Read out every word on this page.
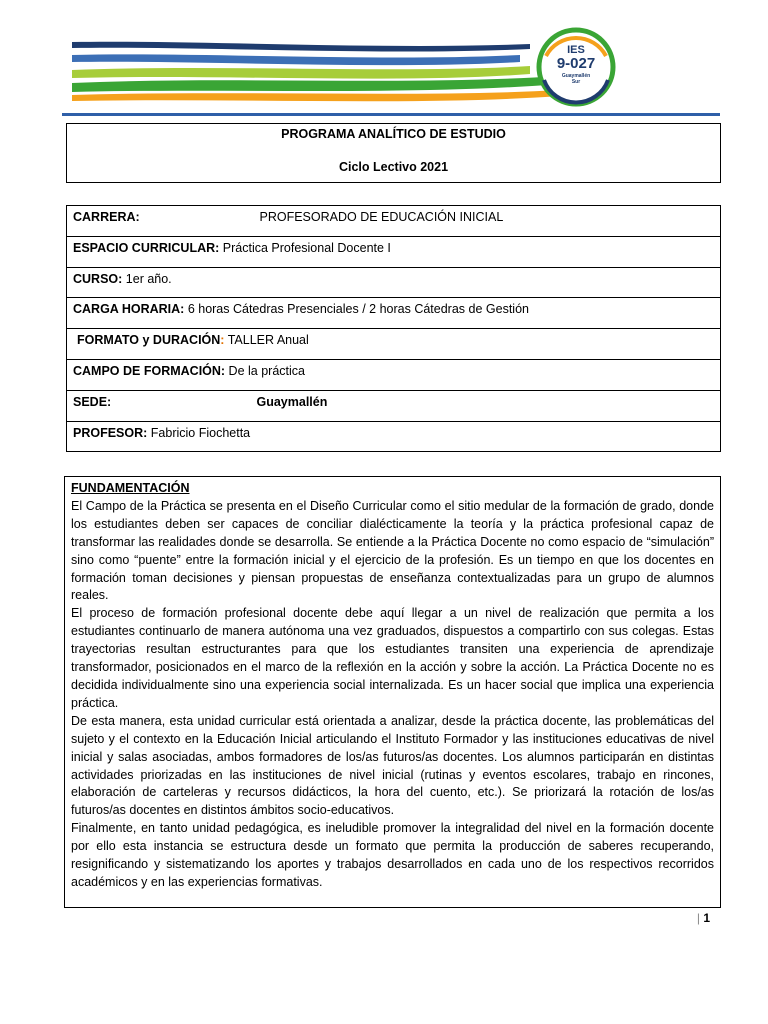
IES
9-027
Guaymallén
Sur
PROGRAMA ANALÍTICO DE ESTUDIO
Ciclo Lectivo 2021
CARRERA:	PROFESORADO DE EDUCACIÓN INICIAL

ESPACIO CURRICULAR: Práctica Profesional Docente I

CURSO: 1er año.

CARGA HORARIA: 6 horas Cátedras Presenciales / 2 horas Cátedras de Gestión

FORMATO y DURACIÓN: TALLER Anual

CAMPO DE FORMACIÓN: De la práctica

SEDE:	Guaymallén

PROFESOR: Fabricio Fiochetta
FUNDAMENTACIÓN
El Campo de la Práctica se presenta en el Diseño Curricular como el sitio medular de la formación de grado, donde los estudiantes deben ser capaces de conciliar dialécticamente la teoría y la práctica profesional capaz de transformar las realidades donde se desarrolla. Se entiende a la Práctica Docente no como espacio de “simulación” sino como “puente” entre la formación inicial y el ejercicio de la profesión. Es un tiempo en que los docentes en formación toman decisiones y piensan propuestas de enseñanza contextualizadas para un grupo de alumnos reales.
El proceso de formación profesional docente debe aquí llegar a un nivel de realización que permita a los estudiantes continuarlo de manera autónoma una vez graduados, dispuestos a compartirlo con sus colegas. Estas trayectorias resultan estructurantes para que los estudiantes transiten una experiencia de aprendizaje transformador, posicionados en el marco de la reflexión en la acción y sobre la acción. La Práctica Docente no es decidida individualmente sino una experiencia social internalizada. Es un hacer social que implica una experiencia práctica.
De esta manera, esta unidad curricular está orientada a analizar, desde la práctica docente, las problemáticas del sujeto y el contexto en la Educación Inicial articulando el Instituto Formador y las instituciones educativas de nivel inicial y salas asociadas, ambos formadores de los/as futuros/as docentes. Los alumnos participarán en distintas actividades priorizadas en las instituciones de nivel inicial (rutinas y eventos escolares, trabajo en rincones, elaboración de carteleras y recursos didácticos, la hora del cuento, etc.). Se priorizará la rotación de los/as futuros/as docentes en distintos ámbitos socio-educativos.
Finalmente, en tanto unidad pedagógica, es ineludible promover la integralidad del nivel en la formación docente por ello esta instancia se estructura desde un formato que permita la producción de saberes recuperando, resignificando y sistematizando los aportes y trabajos desarrollados en cada uno de los respectivos recorridos académicos y en las experiencias formativas.
| 1
